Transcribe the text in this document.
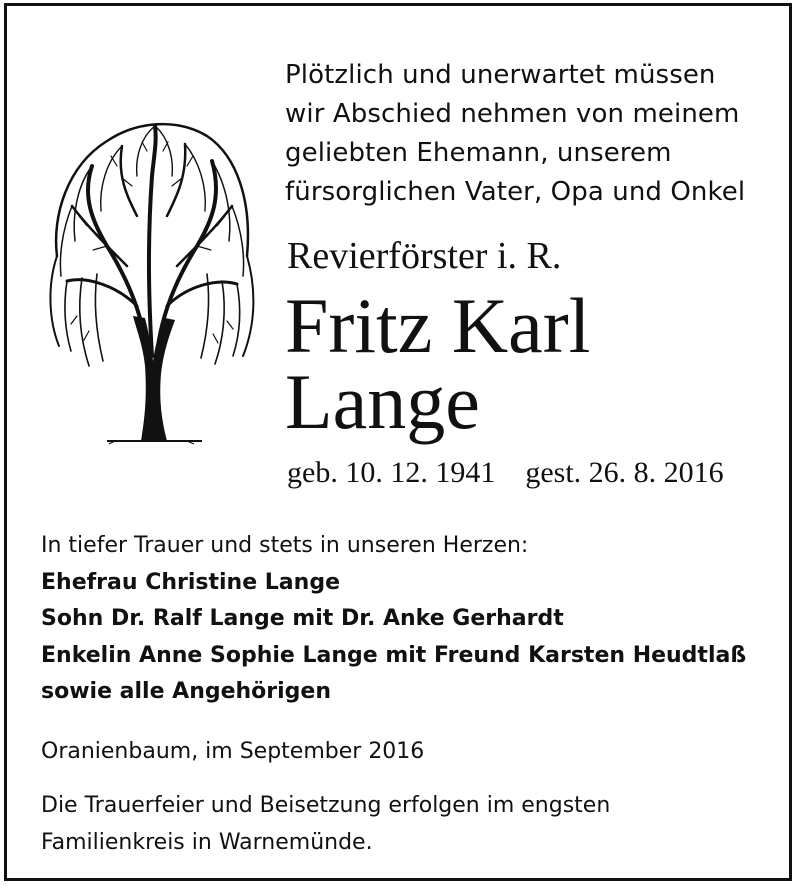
Plötzlich und unerwartet müssen
wir Abschied nehmen von meinem
geliebten Ehemann, unserem
fürsorglichen Vater, Opa und Onkel
Revierförster i. R.
Fritz Karl
Lange
geb. 10. 12. 1941 gest. 26. 8. 2016
In tiefer Trauer und stets in unseren Herzen:
Ehefrau Christine Lange
Sohn Dr. Ralf Lange mit Dr. Anke Gerhardt
Enkelin Anne Sophie Lange mit Freund Karsten Heudtlaß
sowie alle Angehörigen
Oranienbaum, im September 2016
Die Trauerfeier und Beisetzung erfolgen im engsten
Familienkreis in Warnemünde.
